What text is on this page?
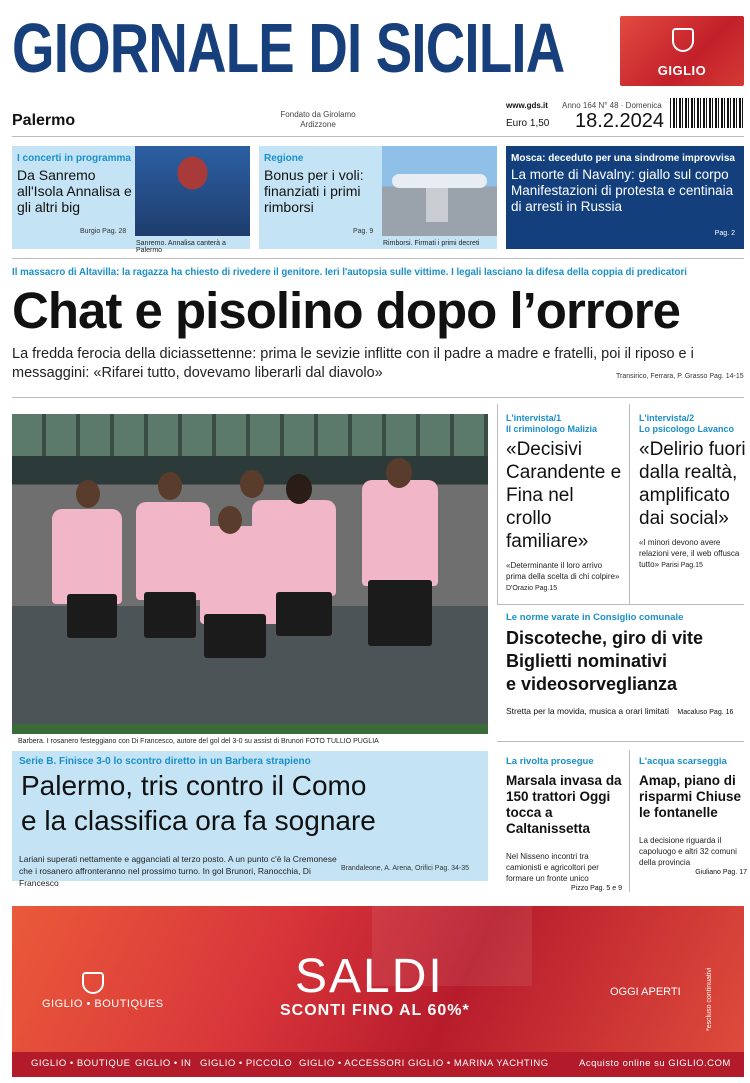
GIORNALE DI SICILIA	GIGLIO
Palermo	Fondato da Girolamo Ardizzone
www.gds.it Anno 164 N° 48 · Domenica
Euro 1,50 18.2.2024
I concerti in programma
Da Sanremo all'Isola Annalisa e gli altri big
Burgio Pag. 28
Sanremo. Annalisa canterà a Palermo
Regione
Bonus per i voli: finanziati i primi rimborsi
Pag. 9
Rimborsi. Firmati i primi decreti
Mosca: deceduto per una sindrome improvvisa
La morte di Navalny: giallo sul corpo Manifestazioni di protesta e centinaia di arresti in Russia
Pag. 2
Il massacro di Altavilla: la ragazza ha chiesto di rivedere il genitore. Ieri l'autopsia sulle vittime. I legali lasciano la difesa della coppia di predicatori
Chat e pisolino dopo l’orrore
La fredda ferocia della diciassettenne: prima le sevizie inflitte con il padre a madre e fratelli, poi il riposo e i messaggini: «Rifarei tutto, dovevamo liberarli dal diavolo»	Transirico, Ferrara, P. Grasso Pag. 14-15
Barbera. I rosanero festeggiano con Di Francesco, autore del gol del 3-0 su assist di Brunori FOTO TULLIO PUGLIA
Serie B. Finisce 3-0 lo scontro diretto in un Barbera strapieno
Palermo, tris contro il Como
e la classifica ora fa sognare
Lariani superati nettamente e agganciati al terzo posto. A un punto c'è la Cremonese che i rosanero affronteranno nel prossimo turno. In gol Brunori, Ranocchia, Di Francesco
Brandaleone, A. Arena, Orifici Pag. 34-35
L'intervista/1
Il criminologo Malizia
«Decisivi Carandente e Fina nel crollo familiare»
«Determinante il loro arrivo prima della scelta di chi colpire» D'Orazio Pag.15
L'intervista/2
Lo psicologo Lavanco
«Delirio fuori dalla realtà, amplificato dai social»
«I minori devono avere relazioni vere, il web offusca tutto» Parisi Pag.15
Le norme varate in Consiglio comunale
Discoteche, giro di vite
Biglietti nominativi
e videosorveglianza
Stretta per la movida, musica a orari limitati Macaluso Pag. 16
La rivolta prosegue
Marsala invasa da 150 trattori Oggi tocca a Caltanissetta
Nel Nisseno incontri tra camionisti e agricoltori per formare un fronte unico
Pizzo Pag. 5 e 9
L'acqua scarseggia
Amap, piano di risparmi Chiuse le fontanelle
La decisione riguarda il capoluogo e altri 32 comuni della provincia
Giuliano Pag. 17
GIGLIO • BOUTIQUES
SALDI
SCONTI FINO AL 60%*
OGGI APERTI	*escluso continuativi
GIGLIO • BOUTIQUE GIGLIO • IN GIGLIO • PICCOLO GIGLIO • ACCESSORI GIGLIO • MARINA YACHTING	Acquisto online su GIGLIO.COM
